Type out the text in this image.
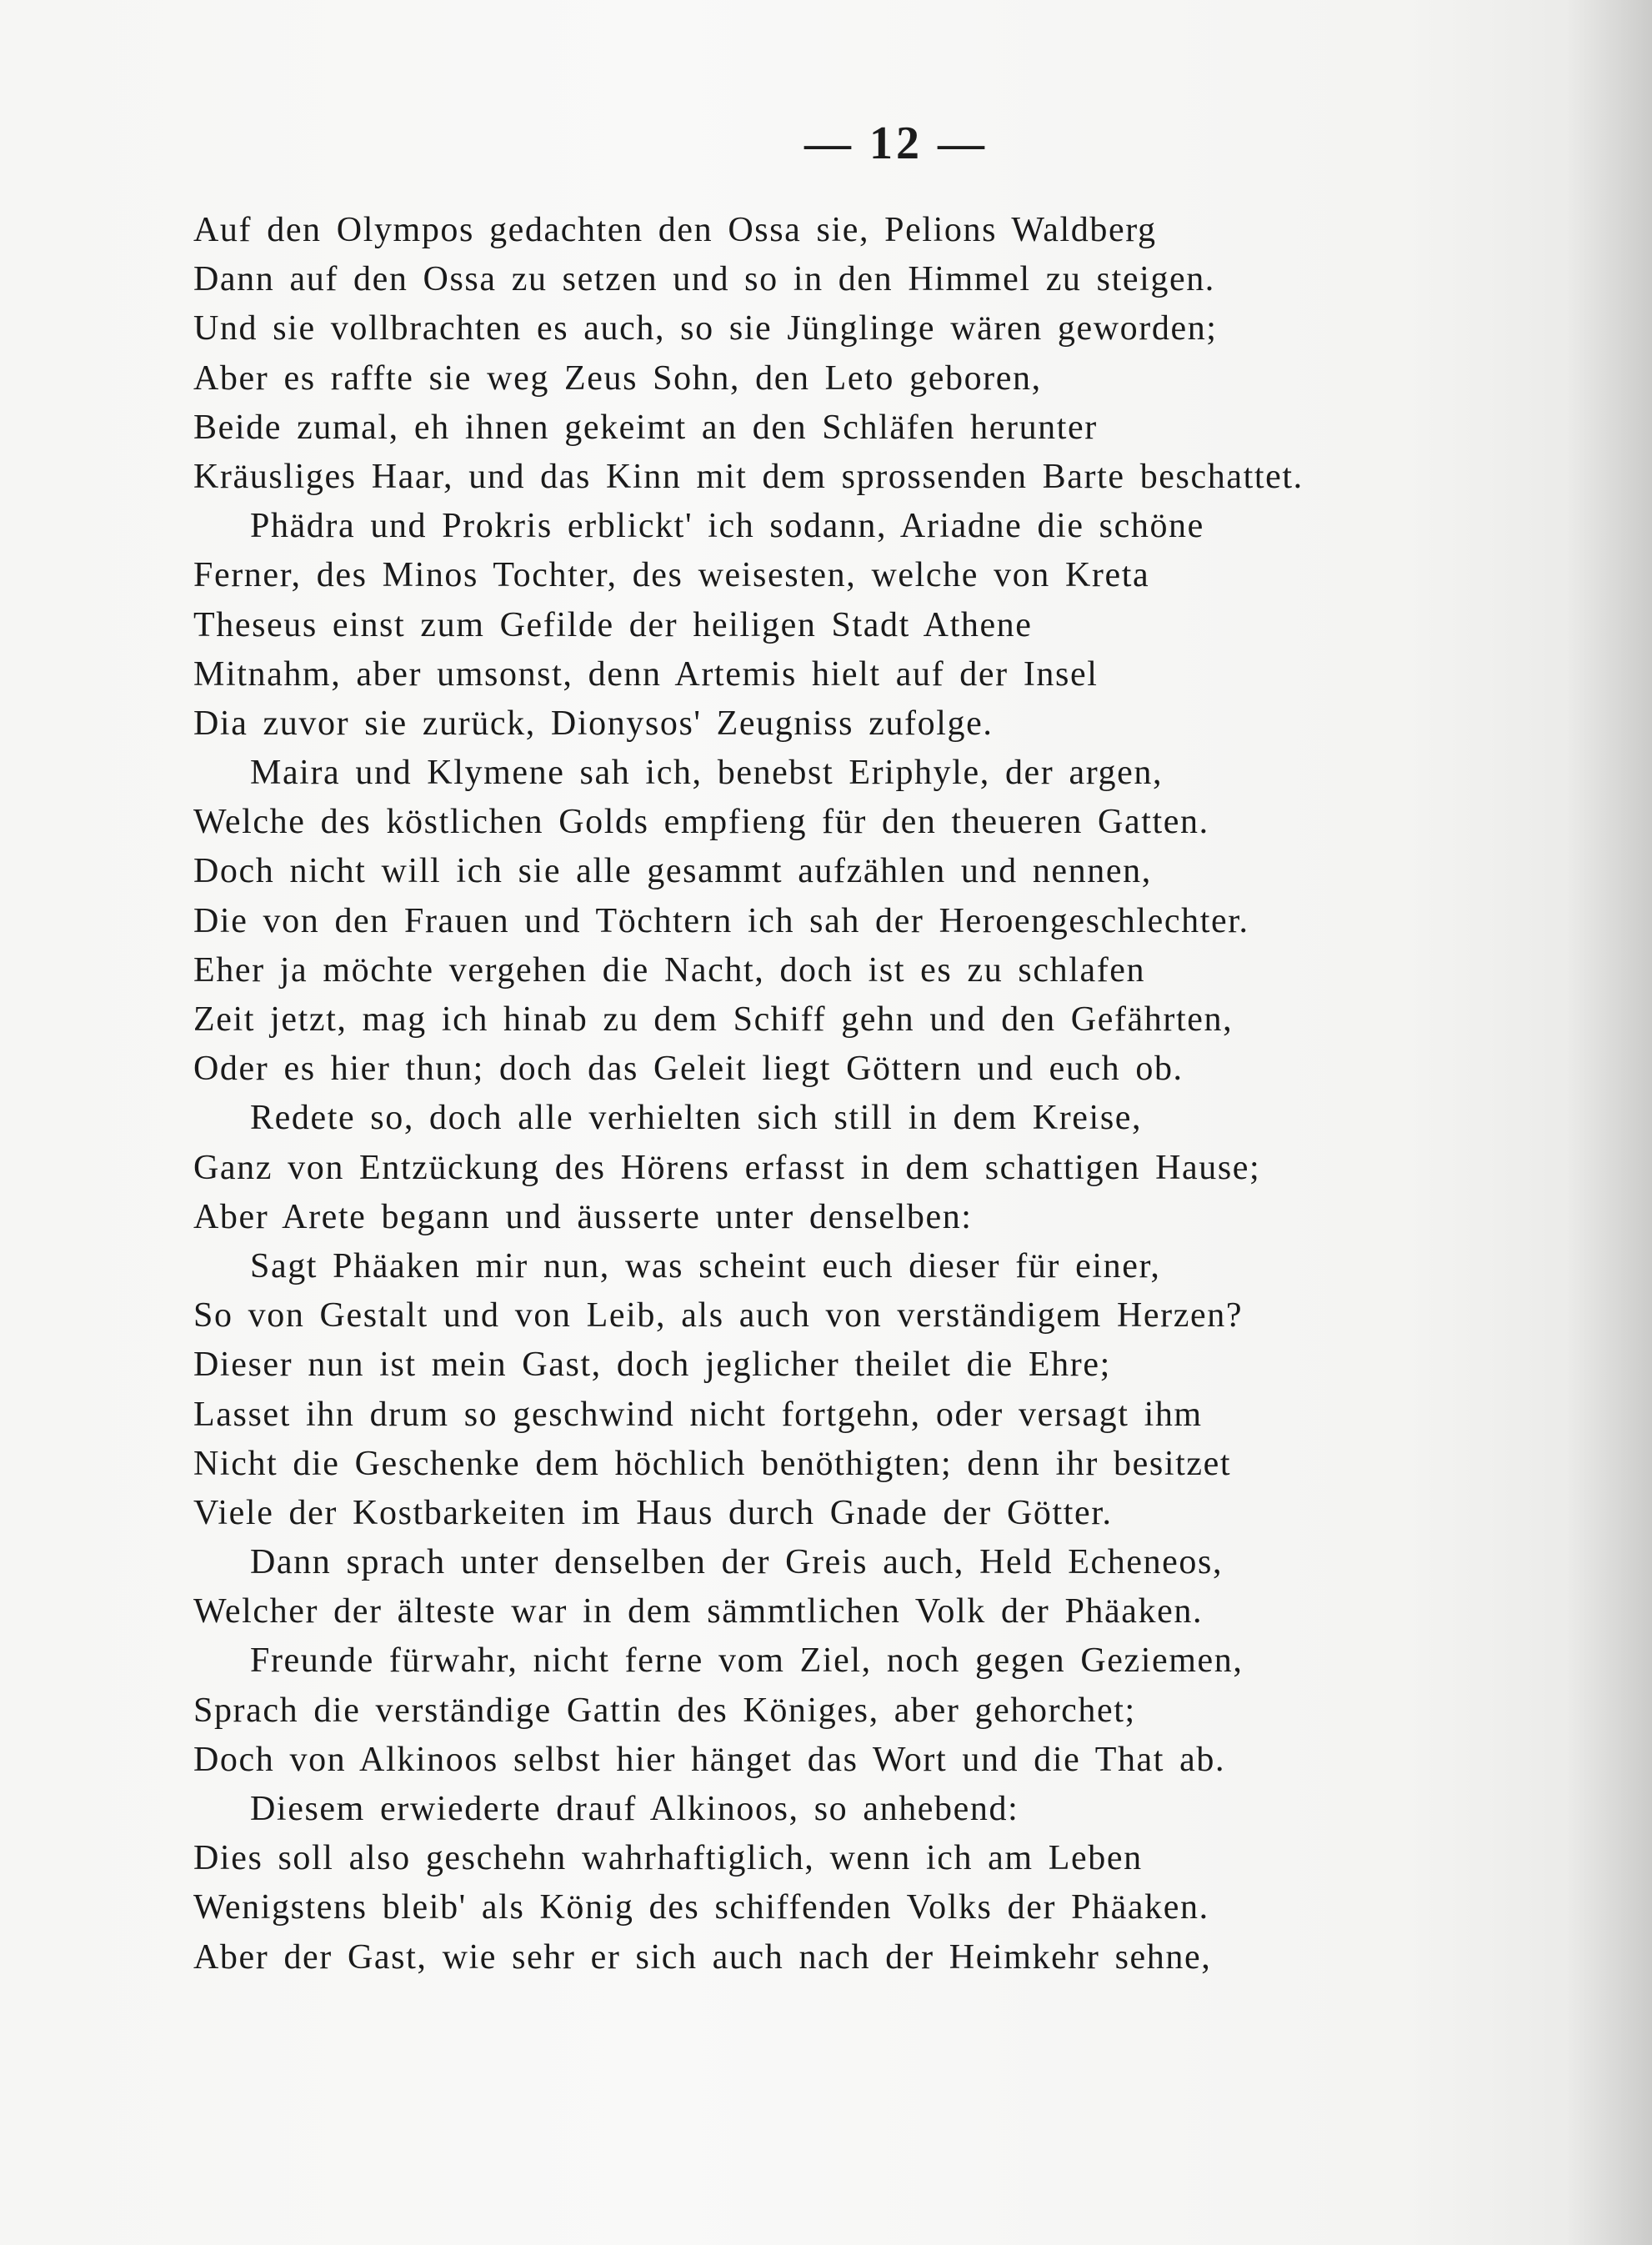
— 12 —
Auf den Olympos gedachten den Ossa sie, Pelions Waldberg
Dann auf den Ossa zu setzen und so in den Himmel zu steigen.
Und sie vollbrachten es auch, so sie Jünglinge wären geworden;
Aber es raffte sie weg Zeus Sohn, den Leto geboren,
Beide zumal, eh ihnen gekeimt an den Schläfen herunter
Kräusliges Haar, und das Kinn mit dem sprossenden Barte beschattet.
Phädra und Prokris erblickt' ich sodann, Ariadne die schöne
Ferner, des Minos Tochter, des weisesten, welche von Kreta
Theseus einst zum Gefilde der heiligen Stadt Athene
Mitnahm, aber umsonst, denn Artemis hielt auf der Insel
Dia zuvor sie zurück, Dionysos' Zeugniss zufolge.
Maira und Klymene sah ich, benebst Eriphyle, der argen,
Welche des köstlichen Golds empfieng für den theueren Gatten.
Doch nicht will ich sie alle gesammt aufzählen und nennen,
Die von den Frauen und Töchtern ich sah der Heroengeschlechter.
Eher ja möchte vergehen die Nacht, doch ist es zu schlafen
Zeit jetzt, mag ich hinab zu dem Schiff gehn und den Gefährten,
Oder es hier thun; doch das Geleit liegt Göttern und euch ob.
Redete so, doch alle verhielten sich still in dem Kreise,
Ganz von Entzückung des Hörens erfasst in dem schattigen Hause;
Aber Arete begann und äusserte unter denselben:
Sagt Phäaken mir nun, was scheint euch dieser für einer,
So von Gestalt und von Leib, als auch von verständigem Herzen?
Dieser nun ist mein Gast, doch jeglicher theilet die Ehre;
Lasset ihn drum so geschwind nicht fortgehn, oder versagt ihm
Nicht die Geschenke dem höchlich benöthigten; denn ihr besitzet
Viele der Kostbarkeiten im Haus durch Gnade der Götter.
Dann sprach unter denselben der Greis auch, Held Echeneos,
Welcher der älteste war in dem sämmtlichen Volk der Phäaken.
Freunde fürwahr, nicht ferne vom Ziel, noch gegen Geziemen,
Sprach die verständige Gattin des Königes, aber gehorchet;
Doch von Alkinoos selbst hier hänget das Wort und die That ab.
Diesem erwiederte drauf Alkinoos, so anhebend:
Dies soll also geschehn wahrhaftiglich, wenn ich am Leben
Wenigstens bleib' als König des schiffenden Volks der Phäaken.
Aber der Gast, wie sehr er sich auch nach der Heimkehr sehne,
